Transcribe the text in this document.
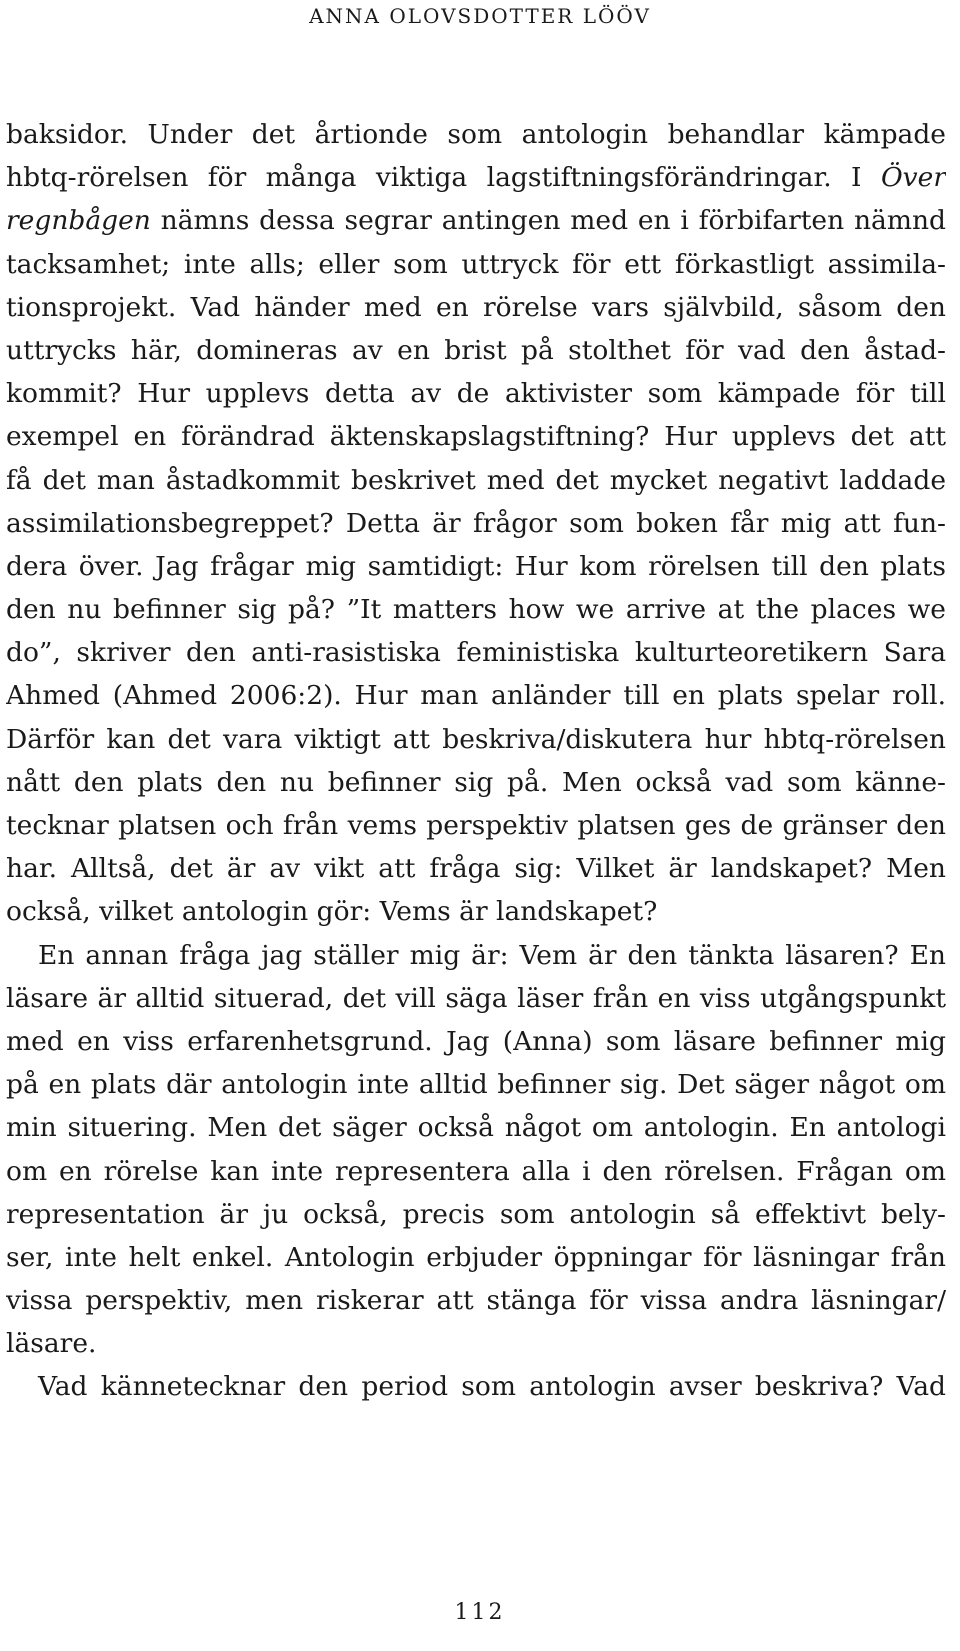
ANNA OLOVSDOTTER LÖÖV
baksidor. Under det årtionde som antologin behandlar kämpade
hbtq-rörelsen för många viktiga lagstiftningsförändringar. I Över
regnbågen nämns dessa segrar antingen med en i förbifarten nämnd
tacksamhet; inte alls; eller som uttryck för ett förkastligt assimila-
tionsprojekt. Vad händer med en rörelse vars självbild, såsom den
uttrycks här, domineras av en brist på stolthet för vad den åstad-
kommit? Hur upplevs detta av de aktivister som kämpade för till
exempel en förändrad äktenskapslagstiftning? Hur upplevs det att
få det man åstadkommit beskrivet med det mycket negativt laddade
assimilationsbegreppet? Detta är frågor som boken får mig att fun-
dera över. Jag frågar mig samtidigt: Hur kom rörelsen till den plats
den nu befinner sig på? ”It matters how we arrive at the places we
do”, skriver den anti-rasistiska feministiska kulturteoretikern Sara
Ahmed (Ahmed 2006:2). Hur man anländer till en plats spelar roll.
Därför kan det vara viktigt att beskriva/diskutera hur hbtq-rörelsen
nått den plats den nu befinner sig på. Men också vad som känne-
tecknar platsen och från vems perspektiv platsen ges de gränser den
har. Alltså, det är av vikt att fråga sig: Vilket är landskapet? Men
också, vilket antologin gör: Vems är landskapet?
En annan fråga jag ställer mig är: Vem är den tänkta läsaren? En
läsare är alltid situerad, det vill säga läser från en viss utgångspunkt
med en viss erfarenhetsgrund. Jag (Anna) som läsare befinner mig
på en plats där antologin inte alltid befinner sig. Det säger något om
min situering. Men det säger också något om antologin. En antologi
om en rörelse kan inte representera alla i den rörelsen. Frågan om
representation är ju också, precis som antologin så effektivt bely-
ser, inte helt enkel. Antologin erbjuder öppningar för läsningar från
vissa perspektiv, men riskerar att stänga för vissa andra läsningar/
läsare.
Vad kännetecknar den period som antologin avser beskriva? Vad
112
